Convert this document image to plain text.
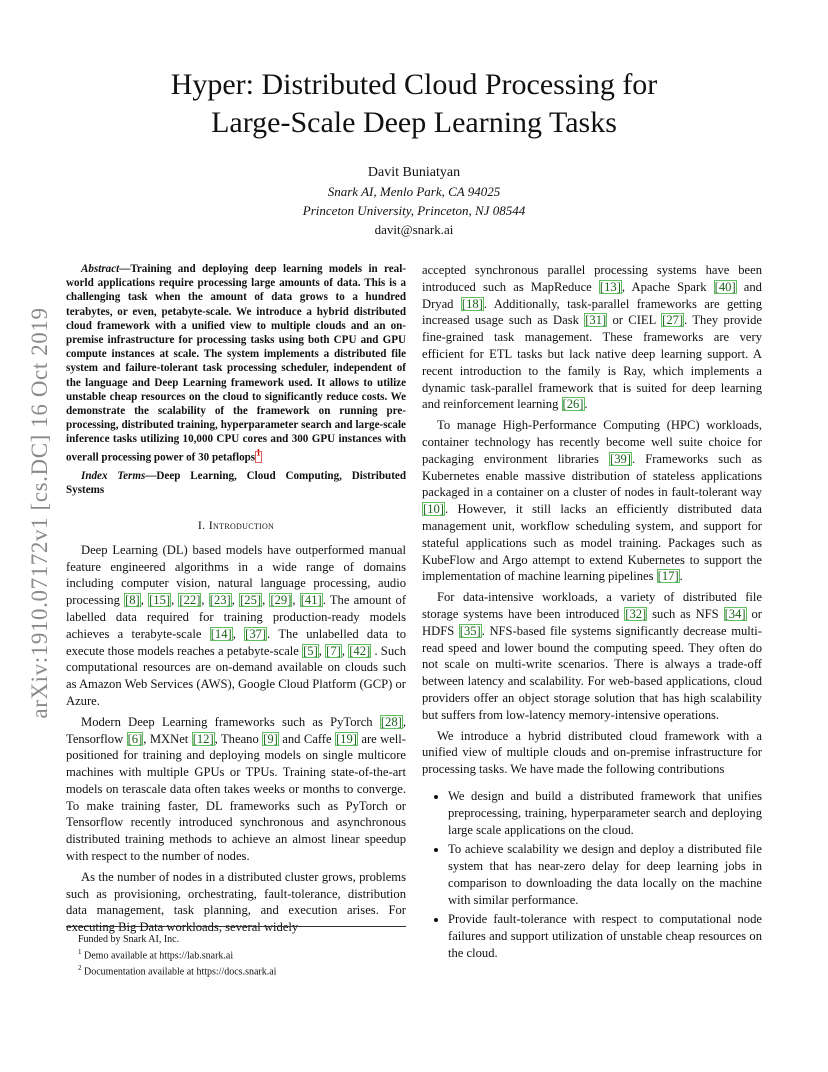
arXiv:1910.07172v1 [cs.DC] 16 Oct 2019
Hyper: Distributed Cloud Processing for
Large-Scale Deep Learning Tasks
Davit Buniatyan
Snark AI, Menlo Park, CA 94025
Princeton University, Princeton, NJ 08544
davit@snark.ai

Abstract—Training and deploying deep learning models in real-world applications require processing large amounts of data. This is a challenging task when the amount of data grows to a hundred terabytes, or even, petabyte-scale. We introduce a hybrid distributed cloud framework with a unified view to multiple clouds and an on-premise infrastructure for processing tasks using both CPU and GPU compute instances at scale. The system implements a distributed file system and failure-tolerant task processing scheduler, independent of the language and Deep Learning framework used. It allows to utilize unstable cheap resources on the cloud to significantly reduce costs. We demonstrate the scalability of the framework on running pre-processing, distributed training, hyperparameter search and large-scale inference tasks utilizing 10,000 CPU cores and 300 GPU instances with overall processing power of 30 petaflops$^1$

Index Terms—Deep Learning, Cloud Computing, Distributed Systems

I. Introduction

Deep Learning (DL) based models have outperformed manual feature engineered algorithms in a wide range of domains including computer vision, natural language processing, audio processing [8], [15], [22], [23], [25], [29], [41]. The amount of labelled data required for training production-ready models achieves a terabyte-scale [14], [37]. The unlabelled data to execute those models reaches a petabyte-scale [5], [7], [42] . Such computational resources are on-demand available on clouds such as Amazon Web Services (AWS), Google Cloud Platform (GCP) or Azure.

Modern Deep Learning frameworks such as PyTorch [28], Tensorflow [6], MXNet [12], Theano [9] and Caffe [19] are well-positioned for training and deploying models on single multicore machines with multiple GPUs or TPUs. Training state-of-the-art models on terascale data often takes weeks or months to converge. To make training faster, DL frameworks such as PyTorch or Tensorflow recently introduced synchronous and asynchronous distributed training methods to achieve an almost linear speedup with respect to the number of nodes.

As the number of nodes in a distributed cluster grows, problems such as provisioning, orchestrating, fault-tolerance, distribution data management, task planning, and execution arises. For executing Big Data workloads, several widely

Funded by Snark AI, Inc.
$^1$ Demo available at https://lab.snark.ai
$^2$ Documentation available at https://docs.snark.ai

accepted synchronous parallel processing systems have been introduced such as MapReduce [13], Apache Spark [40] and Dryad [18]. Additionally, task-parallel frameworks are getting increased usage such as Dask [31] or CIEL [27]. They provide fine-grained task management. These frameworks are very efficient for ETL tasks but lack native deep learning support. A recent introduction to the family is Ray, which implements a dynamic task-parallel framework that is suited for deep learning and reinforcement learning [26].

To manage High-Performance Computing (HPC) workloads, container technology has recently become well suite choice for packaging environment libraries [39]. Frameworks such as Kubernetes enable massive distribution of stateless applications packaged in a container on a cluster of nodes in fault-tolerant way [10]. However, it still lacks an efficiently distributed data management unit, workflow scheduling system, and support for stateful applications such as model training. Packages such as KubeFlow and Argo attempt to extend Kubernetes to support the implementation of machine learning pipelines [17].

For data-intensive workloads, a variety of distributed file storage systems have been introduced [32] such as NFS [34] or HDFS [35]. NFS-based file systems significantly decrease multi-read speed and lower bound the computing speed. They often do not scale on multi-write scenarios. There is always a trade-off between latency and scalability. For web-based applications, cloud providers offer an object storage solution that has high scalability but suffers from low-latency memory-intensive operations.

We introduce a hybrid distributed cloud framework with a unified view of multiple clouds and on-premise infrastructure for processing tasks. We have made the following contributions

• We design and build a distributed framework that unifies preprocessing, training, hyperparameter search and deploying large scale applications on the cloud.
• To achieve scalability we design and deploy a distributed file system that has near-zero delay for deep learning jobs in comparison to downloading the data locally on the machine with similar performance.
• Provide fault-tolerance with respect to computational node failures and support utilization of unstable cheap resources on the cloud.
